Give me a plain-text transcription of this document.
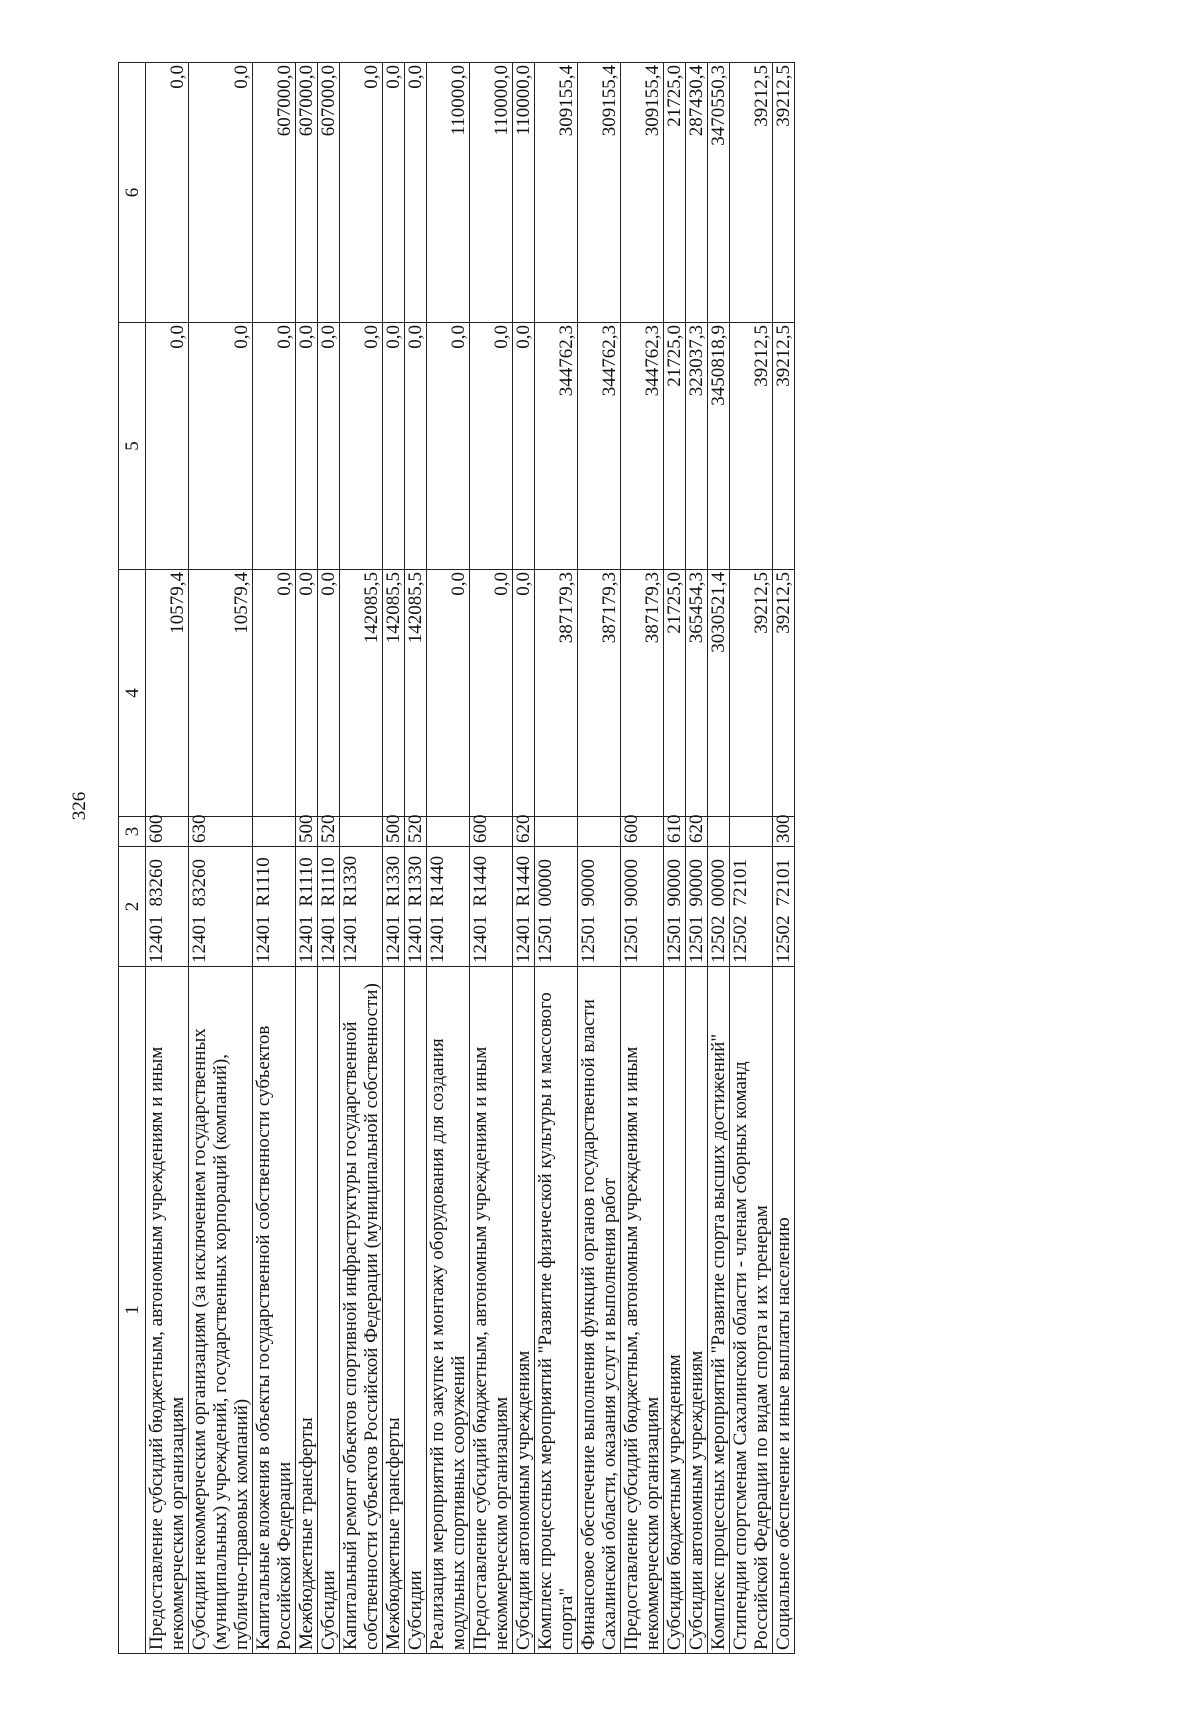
326
1	2		3	4	5	6
Предоставление субсидий бюджетным, автономным учреждениям и иным некоммерческим организациям	12401	83260	600	10579,4	0,0	0,0
Субсидии некоммерческим организациям (за исключением государственных (муниципальных) учреждений, государственных корпораций (компаний), публично-правовых компаний)	12401	83260	630	10579,4	0,0	0,0
Капитальные вложения в объекты государственной собственности субъектов Российской Федерации	12401	R1110		0,0	0,0	607000,0
Межбюджетные трансферты	12401	R1110	500	0,0	0,0	607000,0
Субсидии	12401	R1110	520	0,0	0,0	607000,0
Капитальный ремонт объектов спортивной инфраструктуры государственной собственности субъектов Российской Федерации (муниципальной собственности)	12401	R1330		142085,5	0,0	0,0
Межбюджетные трансферты	12401	R1330	500	142085,5	0,0	0,0
Субсидии	12401	R1330	520	142085,5	0,0	0,0
Реализация мероприятий по закупке и монтажу оборудования для создания модульных спортивных сооружений	12401	R1440		0,0	0,0	110000,0
Предоставление субсидий бюджетным, автономным учреждениям и иным некоммерческим организациям	12401	R1440	600	0,0	0,0	110000,0
Субсидии автономным учреждениям	12401	R1440	620	0,0	0,0	110000,0
Комплекс процессных мероприятий "Развитие физической культуры и массового спорта"	12501	00000		387179,3	344762,3	309155,4
Финансовое обеспечение выполнения функций органов государственной власти Сахалинской области, оказания услуг и выполнения работ	12501	90000		387179,3	344762,3	309155,4
Предоставление субсидий бюджетным, автономным учреждениям и иным некоммерческим организациям	12501	90000	600	387179,3	344762,3	309155,4
Субсидии бюджетным учреждениям	12501	90000	610	21725,0	21725,0	21725,0
Субсидии автономным учреждениям	12501	90000	620	365454,3	323037,3	287430,4
Комплекс процессных мероприятий "Развитие спорта высших достижений"	12502	00000		3030521,4	3450818,9	3470550,3
Стипендии спортсменам Сахалинской области - членам сборных команд Российской Федерации по видам спорта и их тренерам	12502	72101		39212,5	39212,5	39212,5
Социальное обеспечение и иные выплаты населению	12502	72101	300	39212,5	39212,5	39212,5
